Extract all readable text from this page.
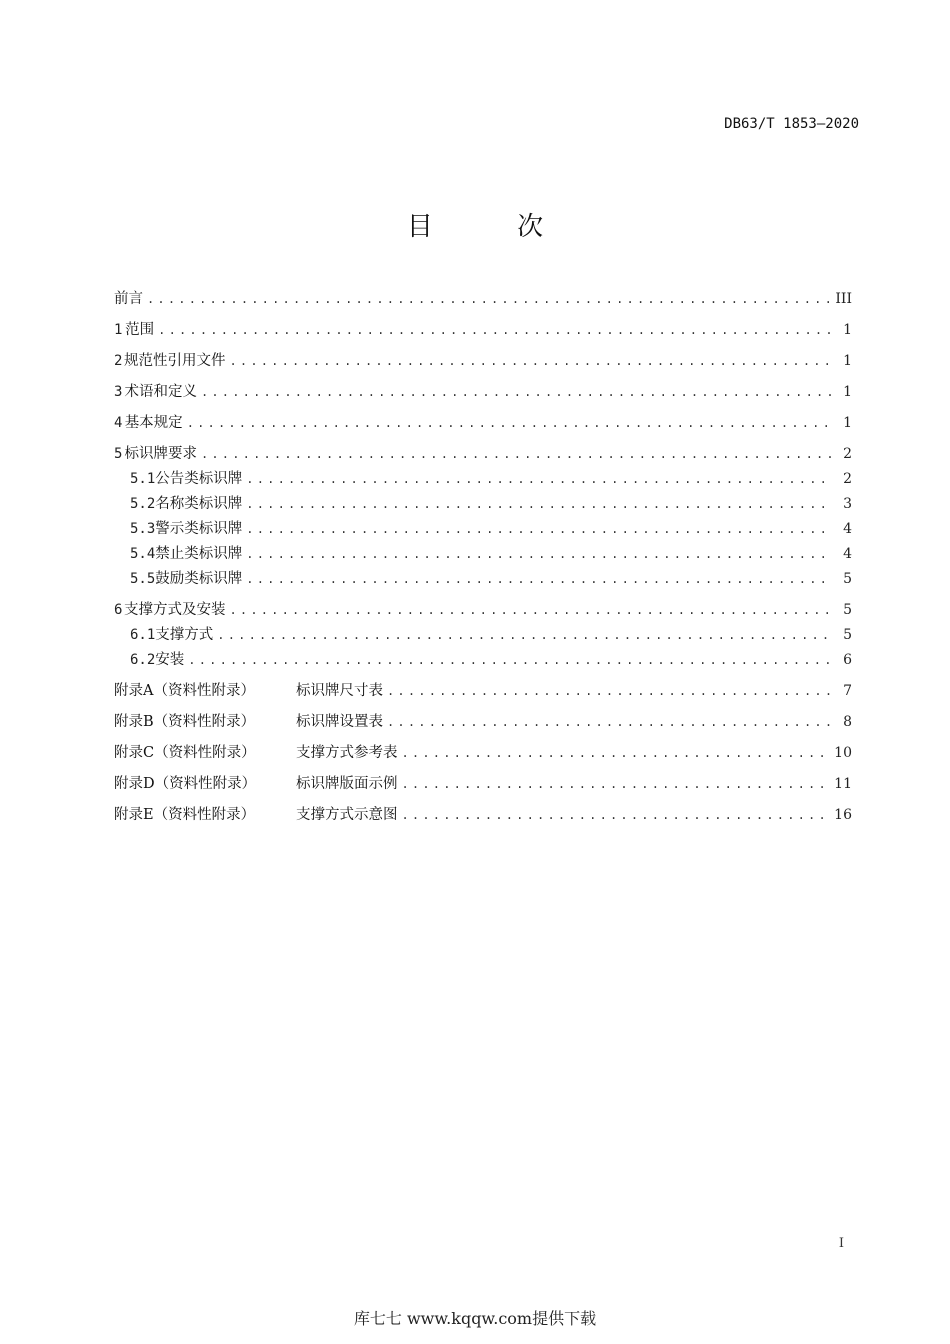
DB63/T 1853—2020
目 次
前言 .....	III
1 范围 .....	1
2 规范性引用文件 .....	1
3 术语和定义 .....	1
4 基本规定 .....	1
5 标识牌要求 .....	2
5.1 公告类标识牌 .....	2
5.2 名称类标识牌 .....	3
5.3 警示类标识牌 .....	4
5.4 禁止类标识牌 .....	4
5.5 鼓励类标识牌 .....	5
6 支撑方式及安装 .....	5
6.1 支撑方式 .....	5
6.2 安装 .....	6
附录A（资料性附录）	标识牌尺寸表 .....	7
附录B（资料性附录）	标识牌设置表 .....	8
附录C（资料性附录）	支撑方式参考表 .....	10
附录D（资料性附录）	标识牌版面示例 .....	11
附录E（资料性附录）	支撑方式示意图 .....	16
I
库七七 www.kqqw.com提供下载
